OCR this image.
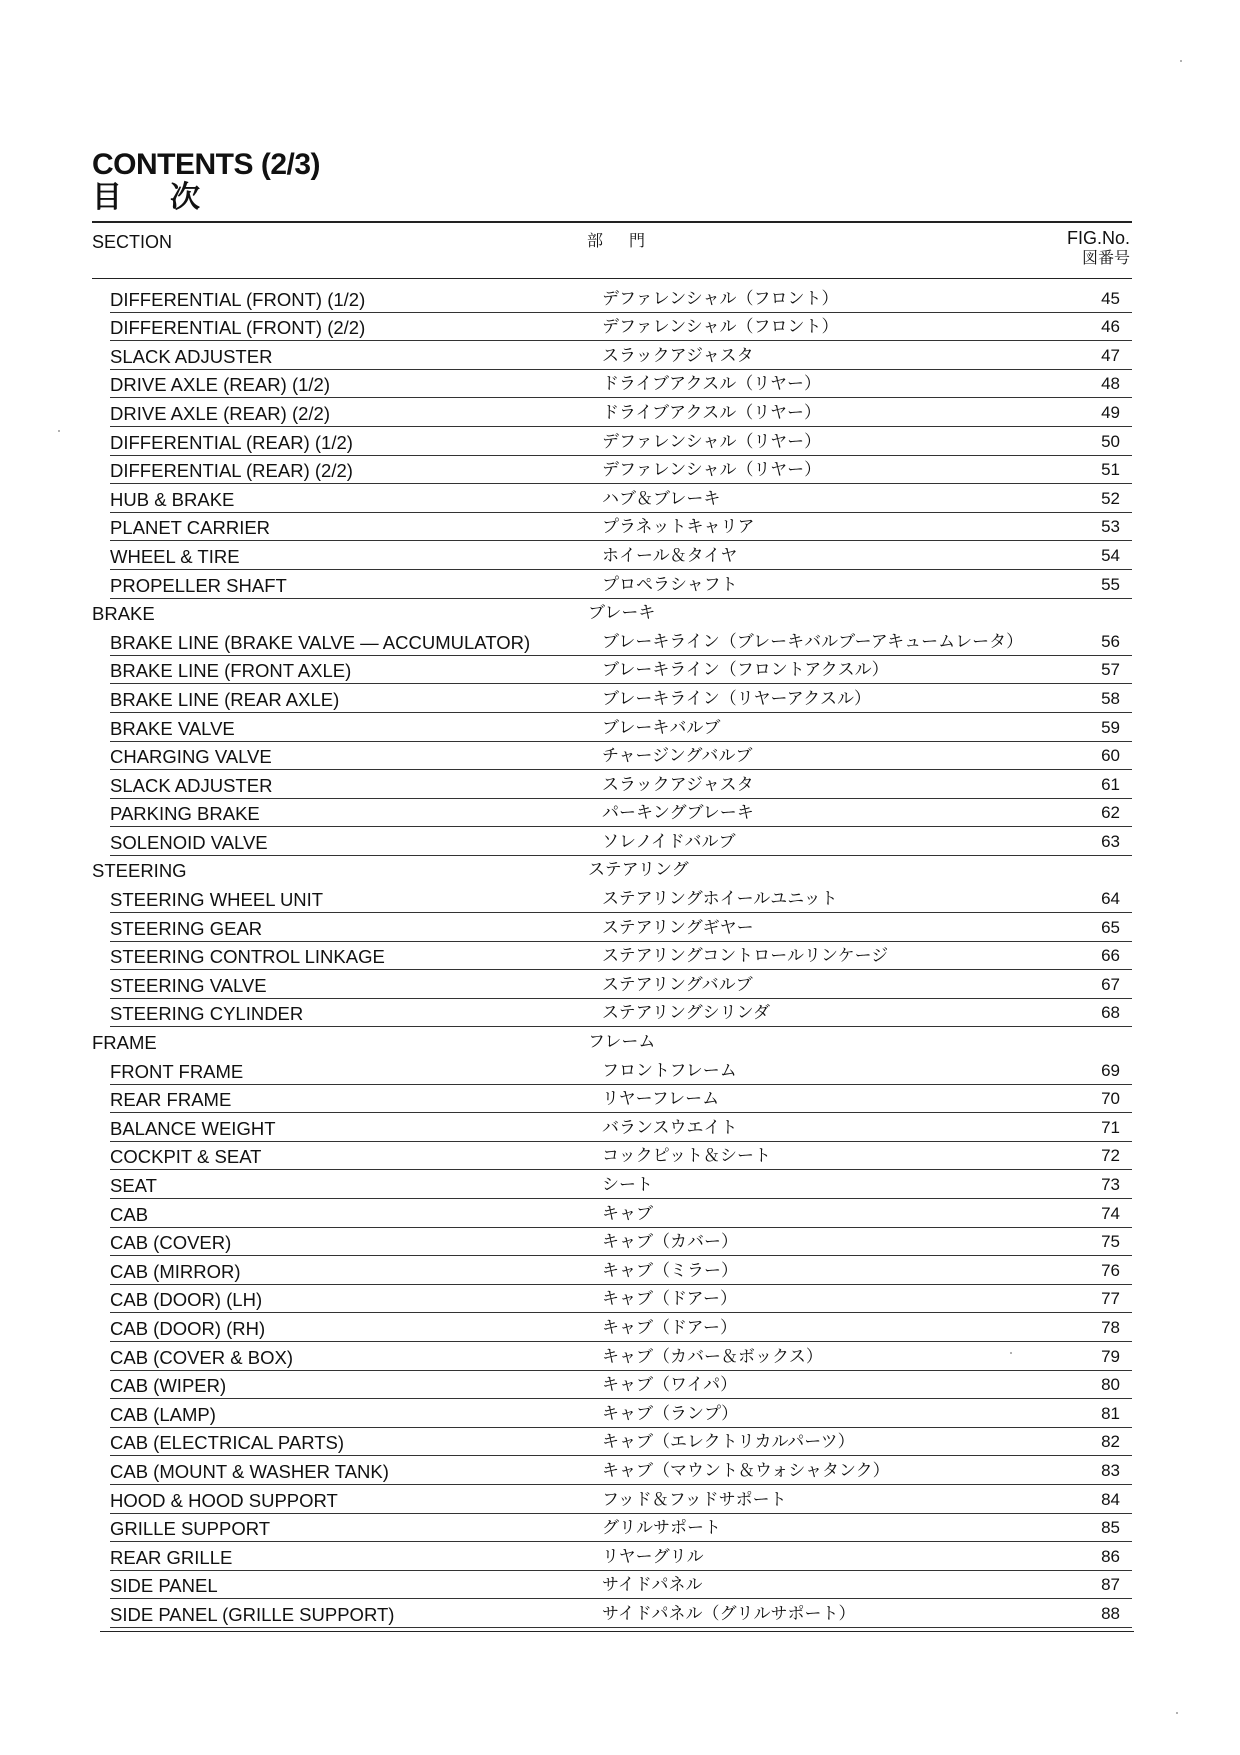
CONTENTS (2/3)
目次
SECTION	部門	FIG.No.
図番号
DIFFERENTIAL (FRONT) (1/2)	デファレンシャル（フロント）	45
DIFFERENTIAL (FRONT) (2/2)	デファレンシャル（フロント）	46
SLACK ADJUSTER	スラックアジャスタ	47
DRIVE AXLE (REAR) (1/2)	ドライブアクスル（リヤー）	48
DRIVE AXLE (REAR) (2/2)	ドライブアクスル（リヤー）	49
DIFFERENTIAL (REAR) (1/2)	デファレンシャル（リヤー）	50
DIFFERENTIAL (REAR) (2/2)	デファレンシャル（リヤー）	51
HUB & BRAKE	ハブ＆ブレーキ	52
PLANET CARRIER	プラネットキャリア	53
WHEEL & TIRE	ホイール＆タイヤ	54
PROPELLER SHAFT	プロペラシャフト	55
BRAKE	ブレーキ
BRAKE LINE (BRAKE VALVE — ACCUMULATOR)	ブレーキライン（ブレーキバルブーアキュームレータ）	56
BRAKE LINE (FRONT AXLE)	ブレーキライン（フロントアクスル）	57
BRAKE LINE (REAR AXLE)	ブレーキライン（リヤーアクスル）	58
BRAKE VALVE	ブレーキバルブ	59
CHARGING VALVE	チャージングバルブ	60
SLACK ADJUSTER	スラックアジャスタ	61
PARKING BRAKE	パーキングブレーキ	62
SOLENOID VALVE	ソレノイドバルブ	63
STEERING	ステアリング
STEERING WHEEL UNIT	ステアリングホイールユニット	64
STEERING GEAR	ステアリングギヤー	65
STEERING CONTROL LINKAGE	ステアリングコントロールリンケージ	66
STEERING VALVE	ステアリングバルブ	67
STEERING CYLINDER	ステアリングシリンダ	68
FRAME	フレーム
FRONT FRAME	フロントフレーム	69
REAR FRAME	リヤーフレーム	70
BALANCE WEIGHT	バランスウエイト	71
COCKPIT & SEAT	コックピット＆シート	72
SEAT	シート	73
CAB	キャブ	74
CAB (COVER)	キャブ（カバー）	75
CAB (MIRROR)	キャブ（ミラー）	76
CAB (DOOR) (LH)	キャブ（ドアー）	77
CAB (DOOR) (RH)	キャブ（ドアー）	78
CAB (COVER & BOX)	キャブ（カバー＆ボックス）	79
CAB (WIPER)	キャブ（ワイパ）	80
CAB (LAMP)	キャブ（ランプ）	81
CAB (ELECTRICAL PARTS)	キャブ（エレクトリカルパーツ）	82
CAB (MOUNT & WASHER TANK)	キャブ（マウント＆ウォシャタンク）	83
HOOD & HOOD SUPPORT	フッド＆フッドサポート	84
GRILLE SUPPORT	グリルサポート	85
REAR GRILLE	リヤーグリル	86
SIDE PANEL	サイドパネル	87
SIDE PANEL (GRILLE SUPPORT)	サイドパネル（グリルサポート）	88
